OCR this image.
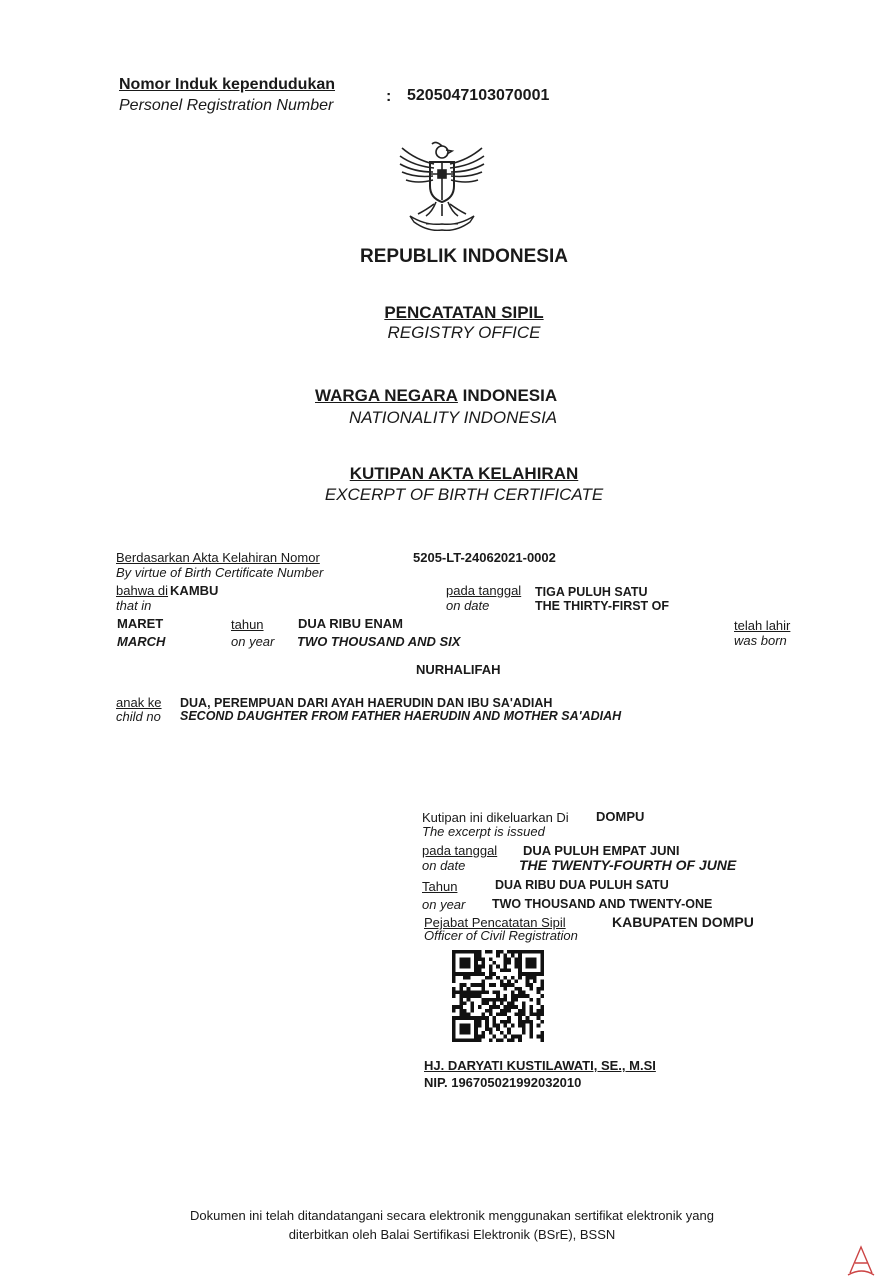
Nomor Induk kependudukan
Personel Registration Number
: 5205047103070001
REPUBLIK INDONESIA
PENCATATAN SIPIL
REGISTRY OFFICE
WARGA NEGARA INDONESIA
NATIONALITY INDONESIA
KUTIPAN AKTA KELAHIRAN
EXCERPT OF BIRTH CERTIFICATE
Berdasarkan Akta Kelahiran Nomor
By virtue of Birth Certificate Number
5205-LT-24062021-0002
bahwa di KAMBU
that in
pada tanggal
on date
TIGA PULUH SATU
THE THIRTY-FIRST OF
MARET
MARCH
tahun
on year
DUA RIBU ENAM
TWO THOUSAND AND SIX
telah lahir
was born
NURHALIFAH
anak ke
child no
DUA, PEREMPUAN DARI AYAH HAERUDIN DAN IBU SA'ADIAH
SECOND DAUGHTER FROM FATHER HAERUDIN AND MOTHER SA'ADIAH
Kutipan ini dikeluarkan Di
The excerpt is issued
DOMPU
pada tanggal
on date
DUA PULUH EMPAT JUNI
THE TWENTY-FOURTH OF JUNE
Tahun
on year
DUA RIBU DUA PULUH SATU
TWO THOUSAND AND TWENTY-ONE
Pejabat Pencatatan Sipil
Officer of Civil Registration
KABUPATEN DOMPU
HJ. DARYATI KUSTILAWATI, SE., M.SI
NIP. 196705021992032010
Dokumen ini telah ditandatangani secara elektronik menggunakan sertifikat elektronik yang
diterbitkan oleh Balai Sertifikasi Elektronik (BSrE), BSSN
